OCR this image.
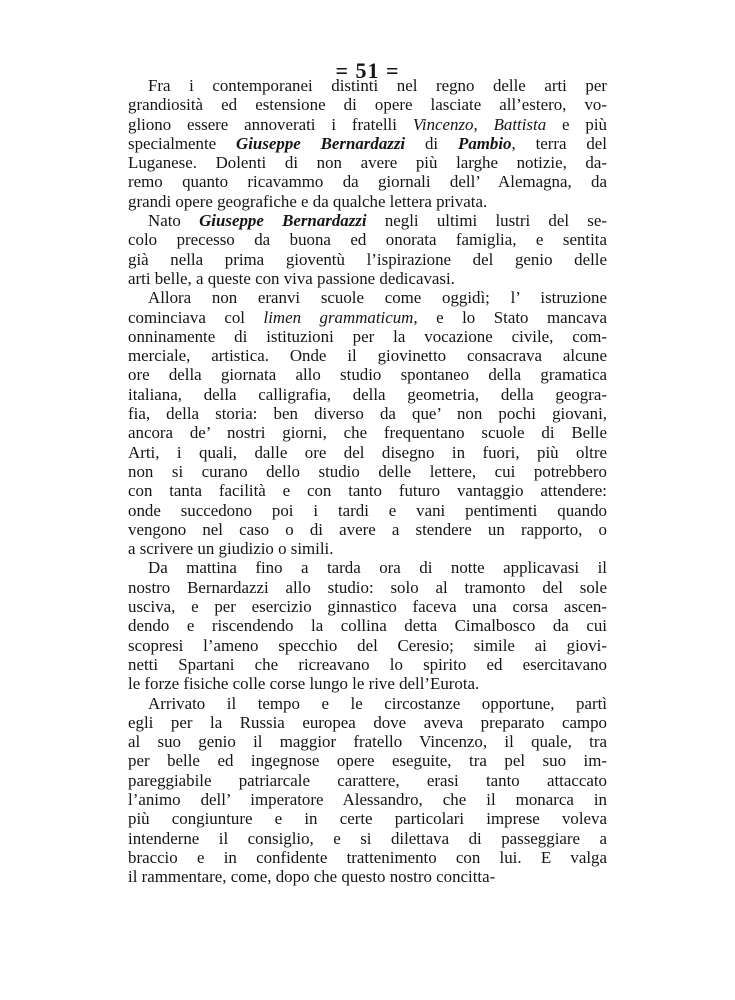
= 51 =
Fra i contemporanei distinti nel regno delle arti per
grandiosità ed estensione di opere lasciate all’estero, vo-
gliono essere annoverati i fratelli Vincenzo, Battista e più
specialmente Giuseppe Bernardazzi di Pambio, terra del
Luganese. Dolenti di non avere più larghe notizie, da-
remo quanto ricavammo da giornali dell’ Alemagna, da
grandi opere geografiche e da qualche lettera privata.
Nato Giuseppe Bernardazzi negli ultimi lustri del se-
colo precesso da buona ed onorata famiglia, e sentita
già nella prima gioventù l’ispirazione del genio delle
arti belle, a queste con viva passione dedicavasi.
Allora non eranvi scuole come oggidì; l’ istruzione
cominciava col limen grammaticum, e lo Stato mancava
onninamente di istituzioni per la vocazione civile, com-
merciale, artistica. Onde il giovinetto consacrava alcune
ore della giornata allo studio spontaneo della gramatica
italiana, della calligrafia, della geometria, della geogra-
fia, della storia: ben diverso da que’ non pochi giovani,
ancora de’ nostri giorni, che frequentano scuole di Belle
Arti, i quali, dalle ore del disegno in fuori, più oltre
non si curano dello studio delle lettere, cui potrebbero
con tanta facilità e con tanto futuro vantaggio attendere:
onde succedono poi i tardi e vani pentimenti quando
vengono nel caso o di avere a stendere un rapporto, o
a scrivere un giudizio o simili.
Da mattina fino a tarda ora di notte applicavasi il
nostro Bernardazzi allo studio: solo al tramonto del sole
usciva, e per esercizio ginnastico faceva una corsa ascen-
dendo e riscendendo la collina detta Cimalbosco da cui
scopresi l’ameno specchio del Ceresio; simile ai giovi-
netti Spartani che ricreavano lo spirito ed esercitavano
le forze fisiche colle corse lungo le rive dell’Eurota.
Arrivato il tempo e le circostanze opportune, partì
egli per la Russia europea dove aveva preparato campo
al suo genio il maggior fratello Vincenzo, il quale, tra
per belle ed ingegnose opere eseguite, tra pel suo im-
pareggiabile patriarcale carattere, erasi tanto attaccato
l’animo dell’ imperatore Alessandro, che il monarca in
più congiunture e in certe particolari imprese voleva
intenderne il consiglio, e si dilettava di passeggiare a
braccio e in confidente trattenimento con lui. E valga
il rammentare, come, dopo che questo nostro concitta-
